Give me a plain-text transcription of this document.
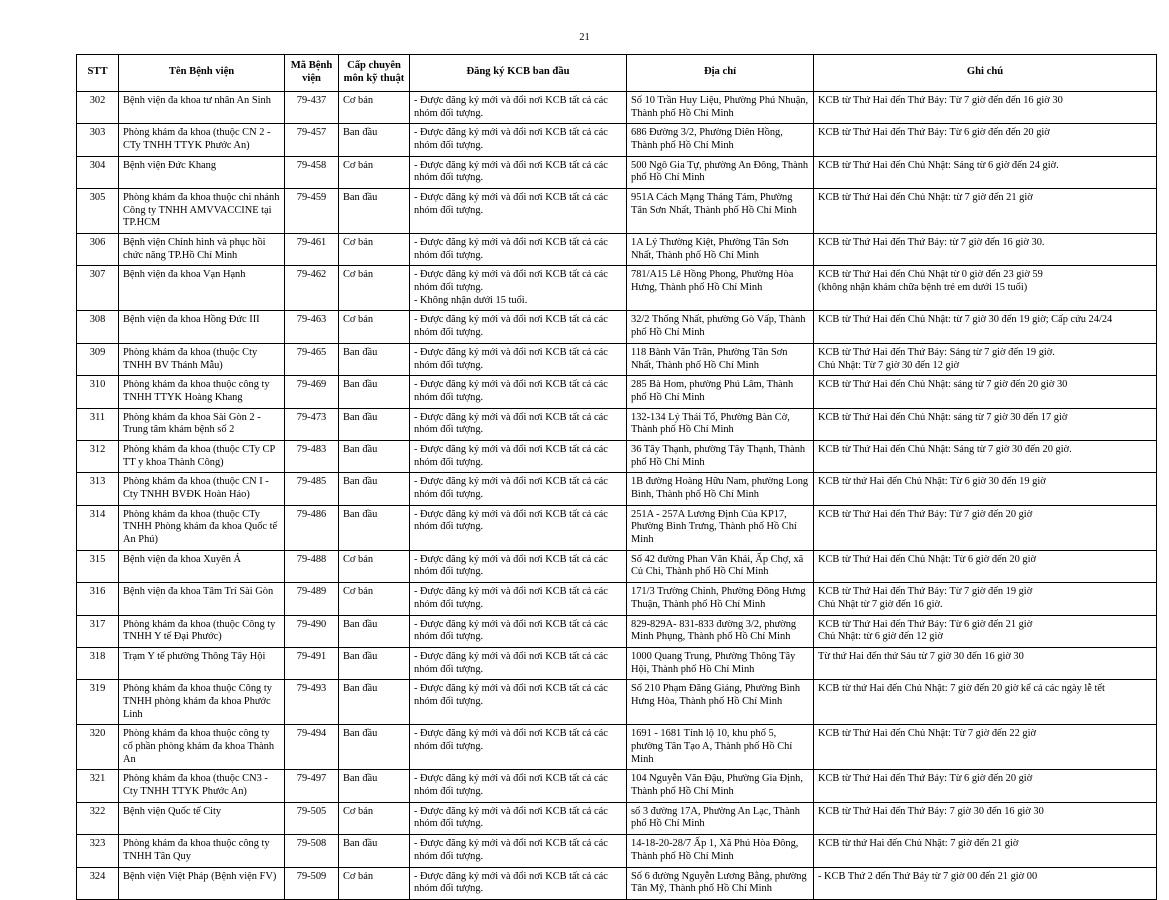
21
STT	Tên Bệnh viện	Mã Bệnh viện	Cấp chuyên môn kỹ thuật	Đăng ký KCB ban đầu	Địa chỉ	Ghi chú

302	Bệnh viện đa khoa tư nhân An Sinh	79-437	Cơ bản	- Được đăng ký mới và đổi nơi KCB tất cả các nhóm đối tượng.	Số 10 Trần Huy Liệu, Phường Phú Nhuận, Thành phố Hồ Chí Minh	KCB từ Thứ Hai đến Thứ Bảy: Từ 7 giờ đến đến 16 giờ 30

303	Phòng khám đa khoa (thuộc CN 2 - CTy TNHH TTYK Phước An)	79-457	Ban đầu	- Được đăng ký mới và đổi nơi KCB tất cả các nhóm đối tượng.	686 Đường 3/2, Phường Diên Hồng, Thành phố Hồ Chí Minh	KCB từ Thứ Hai đến Thứ Bảy: Từ 6 giờ đến đến 20 giờ

304	Bệnh viện Đức Khang	79-458	Cơ bản	- Được đăng ký mới và đổi nơi KCB tất cả các nhóm đối tượng.	500 Ngô Gia Tự, phường An Đông, Thành phố Hồ Chí Minh	KCB từ Thứ Hai đến Chủ Nhật: Sáng từ 6 giờ đến 24 giờ.

305	Phòng khám đa khoa thuộc chi nhánh Công ty TNHH AMVVACCINE tại TP.HCM	79-459	Ban đầu	- Được đăng ký mới và đổi nơi KCB tất cả các nhóm đối tượng.	951A Cách Mạng Tháng Tám, Phường Tân Sơn Nhất, Thành phố Hồ Chí Minh	KCB từ Thứ Hai đến Chủ Nhật: từ 7 giờ đến 21 giờ

306	Bệnh viện Chỉnh hình và phục hồi chức năng TP.Hồ Chí Minh	79-461	Cơ bản	- Được đăng ký mới và đổi nơi KCB tất cả các nhóm đối tượng.	1A Lý Thường Kiệt, Phường Tân Sơn Nhất, Thành phố Hồ Chí Minh	KCB từ Thứ Hai đến Thứ Bảy: từ 7 giờ đến 16 giờ 30.

307	Bệnh viện đa khoa Vạn Hạnh	79-462	Cơ bản	- Được đăng ký mới và đổi nơi KCB tất cả các nhóm đối tượng.
- Không nhận dưới 15 tuổi.	781/A15 Lê Hồng Phong, Phường Hòa Hưng, Thành phố Hồ Chí Minh	KCB từ Thứ Hai đến Chủ Nhật từ 0 giờ đến 23 giờ 59
(không nhận khám chữa bệnh trẻ em dưới 15 tuổi)

308	Bệnh viện đa khoa Hồng Đức III	79-463	Cơ bản	- Được đăng ký mới và đổi nơi KCB tất cả các nhóm đối tượng.	32/2 Thống Nhất, phường Gò Vấp, Thành phố Hồ Chí Minh	KCB từ Thứ Hai đến Chủ Nhật: từ 7 giờ 30 đến 19 giờ; Cấp cứu 24/24

309	Phòng khám đa khoa (thuộc Cty TNHH BV Thánh Mẫu)	79-465	Ban đầu	- Được đăng ký mới và đổi nơi KCB tất cả các nhóm đối tượng.	118 Bành Văn Trân, Phường Tân Sơn Nhất, Thành phố Hồ Chí Minh	KCB từ Thứ Hai đến Thứ Bảy: Sáng từ 7 giờ đến 19 giờ.
Chủ Nhật: Từ 7 giờ 30 đến 12 giờ

310	Phòng khám đa khoa thuộc công ty TNHH TTYK Hoàng Khang	79-469	Ban đầu	- Được đăng ký mới và đổi nơi KCB tất cả các nhóm đối tượng.	285 Bà Hom, phường Phú Lâm, Thành phố Hồ Chí Minh	KCB từ Thứ Hai đến Chủ Nhật: sáng từ 7 giờ đến 20 giờ 30

311	Phòng khám đa khoa Sài Gòn 2 - Trung tâm khám bệnh số 2	79-473	Ban đầu	- Được đăng ký mới và đổi nơi KCB tất cả các nhóm đối tượng.	132-134 Lý Thái Tổ, Phường Bàn Cờ, Thành phố Hồ Chí Minh	KCB từ Thứ Hai đến Chủ Nhật: sáng từ 7 giờ 30 đến 17 giờ

312	Phòng khám đa khoa (thuộc CTy CP TT y khoa Thành Công)	79-483	Ban đầu	- Được đăng ký mới và đổi nơi KCB tất cả các nhóm đối tượng.	36 Tây Thạnh, phường Tây Thạnh, Thành phố Hồ Chí Minh	KCB từ Thứ Hai đến Chủ Nhật: Sáng từ 7 giờ 30 đến 20 giờ.

313	Phòng khám đa khoa (thuộc CN I - Cty TNHH BVĐK Hoàn Hảo)	79-485	Ban đầu	- Được đăng ký mới và đổi nơi KCB tất cả các nhóm đối tượng.	1B đường Hoàng Hữu Nam, phường Long Bình, Thành phố Hồ Chí Minh	KCB từ thứ Hai đến Chủ Nhật: Từ 6 giờ 30 đến 19 giờ

314	Phòng khám đa khoa (thuộc CTy TNHH Phòng khám đa khoa Quốc tế An Phú)	79-486	Ban đầu	- Được đăng ký mới và đổi nơi KCB tất cả các nhóm đối tượng.	251A - 257A Lương Định Của KP17, Phường Bình Trưng, Thành phố Hồ Chí Minh	KCB từ Thứ Hai đến Thứ Bảy: Từ 7 giờ đến 20 giờ

315	Bệnh viện đa khoa Xuyên Á	79-488	Cơ bản	- Được đăng ký mới và đổi nơi KCB tất cả các nhóm đối tượng.	Số 42 đường Phan Văn Khải, Ấp Chợ, xã Củ Chi, Thành phố Hồ Chí Minh	KCB từ Thứ Hai đến Chủ Nhật: Từ 6 giờ đến 20 giờ

316	Bệnh viện đa khoa Tâm Trí Sài Gòn	79-489	Cơ bản	- Được đăng ký mới và đổi nơi KCB tất cả các nhóm đối tượng.	171/3 Trường Chinh, Phường Đông Hưng Thuận, Thành phố Hồ Chí Minh	KCB từ Thứ Hai đến Thứ Bảy: Từ 7 giờ đến 19 giờ
Chủ Nhật từ 7 giờ đến 16 giờ.

317	Phòng khám đa khoa (thuộc Công ty TNHH Y tế Đại Phước)	79-490	Ban đầu	- Được đăng ký mới và đổi nơi KCB tất cả các nhóm đối tượng.	829-829A- 831-833 đường 3/2, phường Minh Phụng, Thành phố Hồ Chí Minh	KCB từ Thứ Hai đến Thứ Bảy: Từ 6 giờ đến 21 giờ
Chủ Nhật: từ 6 giờ đến 12 giờ

318	Trạm Y tế phường Thông Tây Hội	79-491	Ban đầu	- Được đăng ký mới và đổi nơi KCB tất cả các nhóm đối tượng.	1000 Quang Trung, Phường Thông Tây Hội, Thành phố Hồ Chí Minh	Từ thứ Hai đến thứ Sáu từ 7 giờ 30 đến 16 giờ 30

319	Phòng khám đa khoa thuộc Công ty TNHH phòng khám đa khoa Phước Linh	79-493	Ban đầu	- Được đăng ký mới và đổi nơi KCB tất cả các nhóm đối tượng.	Số 210 Phạm Đăng Giảng, Phường Bình Hưng Hòa, Thành phố Hồ Chí Minh	KCB từ thứ Hai đến Chủ Nhật: 7 giờ đến 20 giờ kể cả các ngày lễ tết

320	Phòng khám đa khoa thuộc công ty cổ phần phòng khám đa khoa Thành An	79-494	Ban đầu	- Được đăng ký mới và đổi nơi KCB tất cả các nhóm đối tượng.	1691 - 1681 Tỉnh lộ 10, khu phố 5, phường Tân Tạo A, Thành phố Hồ Chí Minh	KCB từ Thứ Hai đến Chủ Nhật: Từ 7 giờ đến 22 giờ

321	Phòng khám đa khoa (thuộc CN3 - Cty TNHH TTYK Phước An)	79-497	Ban đầu	- Được đăng ký mới và đổi nơi KCB tất cả các nhóm đối tượng.	104 Nguyễn Văn Đậu, Phường Gia Định, Thành phố Hồ Chí Minh	KCB từ Thứ Hai đến Thứ Bảy: Từ 6 giờ đến 20 giờ

322	Bệnh viện Quốc tế City	79-505	Cơ bản	- Được đăng ký mới và đổi nơi KCB tất cả các nhóm đối tượng.	số 3 đường 17A, Phường An Lạc, Thành phố Hồ Chí Minh	KCB từ Thứ Hai đến Thứ Bảy: 7 giờ 30 đến 16 giờ 30

323	Phòng khám đa khoa thuộc công ty TNHH Tân Quy	79-508	Ban đầu	- Được đăng ký mới và đổi nơi KCB tất cả các nhóm đối tượng.	14-18-20-28/7 Ấp 1, Xã Phú Hòa Đông, Thành phố Hồ Chí Minh	KCB từ thứ Hai đến Chủ Nhật: 7 giờ đến 21 giờ

324	Bệnh viện Việt Pháp (Bệnh viện FV)	79-509	Cơ bản	- Được đăng ký mới và đổi nơi KCB tất cả các nhóm đối tượng.	Số 6 đường Nguyễn Lương Bằng, phường Tân Mỹ, Thành phố Hồ Chí Minh	- KCB Thứ 2 đến Thứ Bảy từ 7 giờ 00 đến 21 giờ 00
